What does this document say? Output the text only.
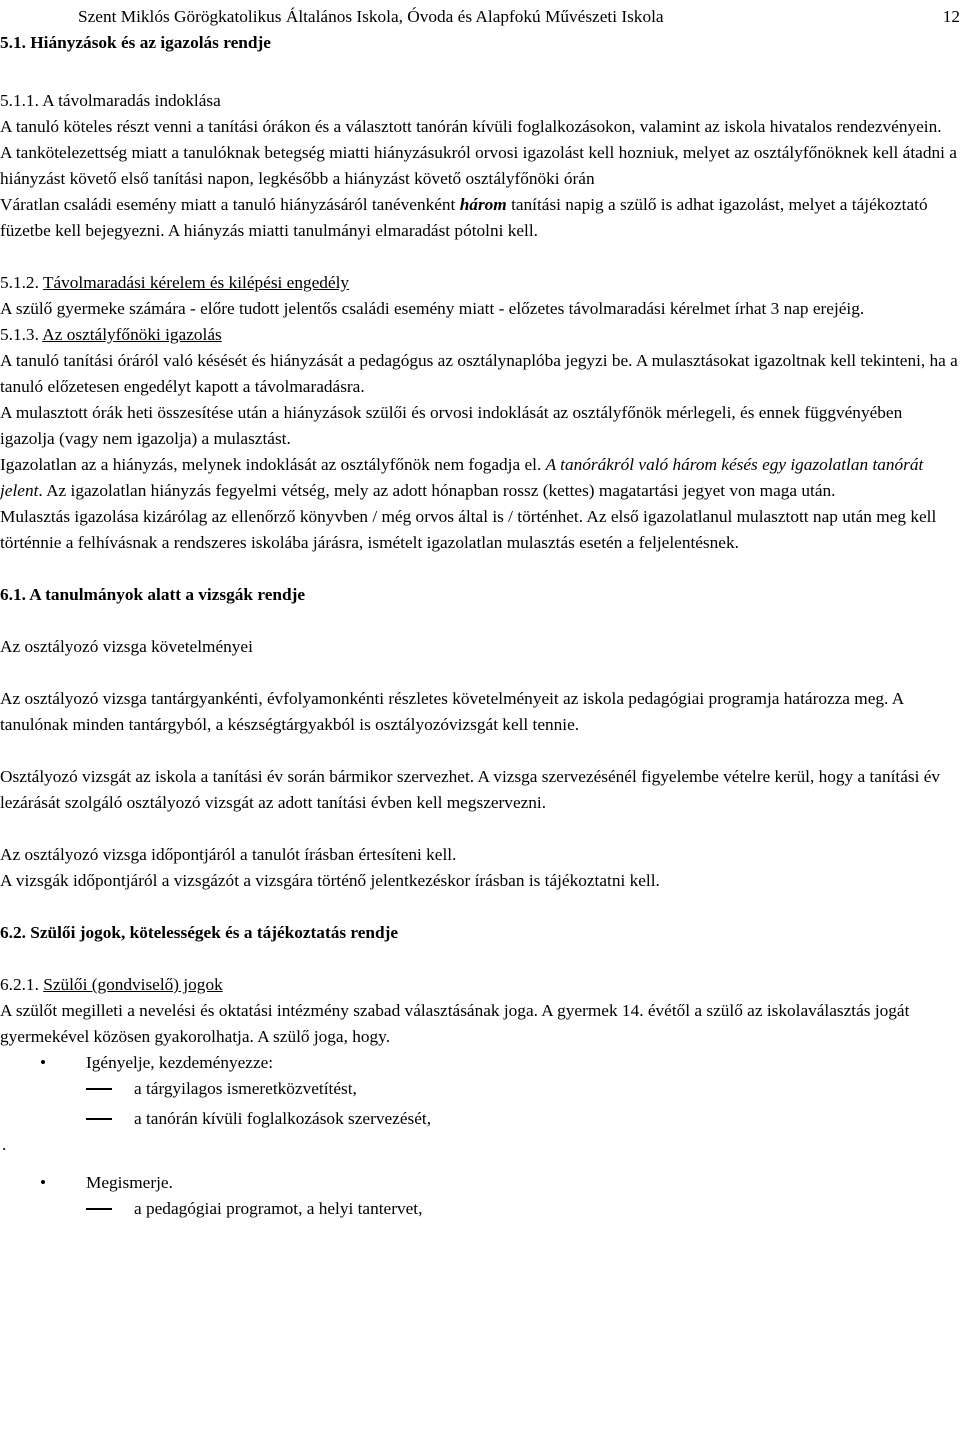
Szent Miklós Görögkatolikus Általános Iskola, Óvoda és Alapfokú Művészeti Iskola	12
5.1. Hiányzások és az igazolás rendje

5.1.1. A távolmaradás indoklása

A tanuló köteles részt venni a tanítási órákon és a választott tanórán kívüli foglalkozásokon, valamint az iskola hivatalos rendezvényein.

A tankötelezettség miatt a tanulóknak betegség miatti hiányzásukról orvosi igazolást kell hozniuk, melyet az osztályfőnöknek kell átadni a hiányzást követő első tanítási napon, legkésőbb a hiányzást követő osztályfőnöki órán

Váratlan családi esemény miatt a tanuló hiányzásáról tanévenként három tanítási napig a szülő is adhat igazolást, melyet a tájékoztató füzetbe kell bejegyezni. A hiányzás miatti tanulmányi elmaradást pótolni kell.

5.1.2. Távolmaradási kérelem és kilépési engedély

A szülő gyermeke számára - előre tudott jelentős családi esemény miatt - előzetes távolmaradási kérelmet írhat 3 nap erejéig.

5.1.3. Az osztályfőnöki igazolás

A tanuló tanítási óráról való késését és hiányzását a pedagógus az osztálynaplóba jegyzi be. A mulasztásokat igazoltnak kell tekinteni, ha a tanuló előzetesen engedélyt kapott a távolmaradásra.

A mulasztott órák heti összesítése után a hiányzások szülői és orvosi indoklását az osztályfőnök mérlegeli, és ennek függvényében igazolja (vagy nem igazolja) a mulasztást.

Igazolatlan az a hiányzás, melynek indoklását az osztályfőnök nem fogadja el. A tanórákról való három késés egy igazolatlan tanórát jelent. Az igazolatlan hiányzás fegyelmi vétség, mely az adott hónapban rossz (kettes) magatartási jegyet von maga után.

Mulasztás igazolása kizárólag az ellenőrző könyvben / még orvos által is / történhet. Az első igazolatlanul mulasztott nap után meg kell történnie a felhívásnak a rendszeres iskolába járásra, ismételt igazolatlan mulasztás esetén a feljelentésnek.

6.1. A tanulmányok alatt a vizsgák rendje

Az osztályozó vizsga követelményei

Az osztályozó vizsga tantárgyankénti, évfolyamonkénti részletes követelményeit az iskola pedagógiai programja határozza meg. A tanulónak minden tantárgyból, a készségtárgyakból is osztályozóvizsgát kell tennie.

Osztályozó vizsgát az iskola a tanítási év során bármikor szervezhet. A vizsga szervezésénél figyelembe vételre kerül, hogy a tanítási év lezárását szolgáló osztályozó vizsgát az adott tanítási évben kell megszervezni.

Az osztályozó vizsga időpontjáról a tanulót írásban értesíteni kell.

A vizsgák időpontjáról a vizsgázót a vizsgára történő jelentkezéskor írásban is tájékoztatni kell.

6.2. Szülői jogok, kötelességek és a tájékoztatás rendje

6.2.1. Szülői (gondviselő) jogok

A szülőt megilleti a nevelési és oktatási intézmény szabad választásának joga. A gyermek 14. évétől a szülő az iskolaválasztás jogát gyermekével közösen gyakorolhatja. A szülő joga, hogy.

• Igényelje, kezdeményezze:
a tárgyilagos ismeretközvetítést,
a tanórán kívüli foglalkozások szervezését,
.
• Megismerje.
a pedagógiai programot, a helyi tantervet,
